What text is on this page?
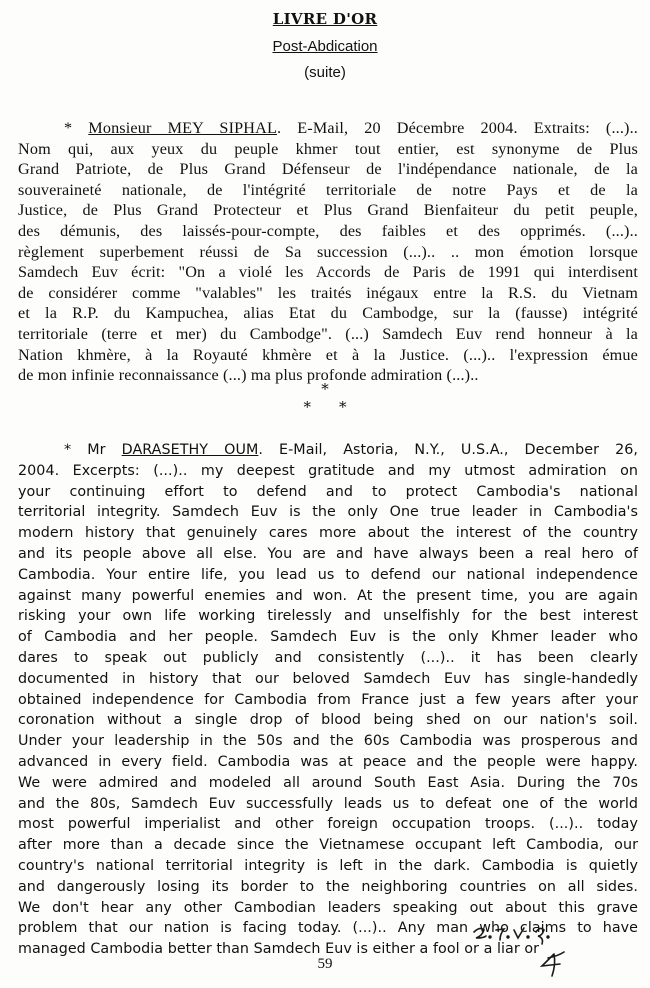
LIVRE D'OR
Post-Abdication
(suite)
* Monsieur MEY SIPHAL. E-Mail, 20 Décembre 2004. Extraits: (...)..
Nom qui, aux yeux du peuple khmer tout entier, est synonyme de Plus
Grand Patriote, de Plus Grand Défenseur de l'indépendance nationale, de la
souveraineté nationale, de l'intégrité territoriale de notre Pays et de la
Justice, de Plus Grand Protecteur et Plus Grand Bienfaiteur du petit peuple,
des démunis, des laissés-pour-compte, des faibles et des opprimés. (...)..
règlement superbement réussi de Sa succession (...).. .. mon émotion lorsque
Samdech Euv écrit: "On a violé les Accords de Paris de 1991 qui interdisent
de considérer comme "valables" les traités inégaux entre la R.S. du Vietnam
et la R.P. du Kampuchea, alias Etat du Cambodge, sur la (fausse) intégrité
territoriale (terre et mer) du Cambodge". (...) Samdech Euv rend honneur à la
Nation khmère, à la Royauté khmère et à la Justice. (...).. l'expression émue
de mon infinie reconnaissance (...) ma plus profonde admiration (...)..
*
* *
* Mr DARASETHY OUM. E-Mail, Astoria, N.Y., U.S.A., December 26,
2004. Excerpts: (...).. my deepest gratitude and my utmost admiration on
your continuing effort to defend and to protect Cambodia's national
territorial integrity. Samdech Euv is the only One true leader in Cambodia's
modern history that genuinely cares more about the interest of the country
and its people above all else. You are and have always been a real hero of
Cambodia. Your entire life, you lead us to defend our national independence
against many powerful enemies and won. At the present time, you are again
risking your own life working tirelessly and unselfishly for the best interest
of Cambodia and her people. Samdech Euv is the only Khmer leader who
dares to speak out publicly and consistently (...).. it has been clearly
documented in history that our beloved Samdech Euv has single-handedly
obtained independence for Cambodia from France just a few years after your
coronation without a single drop of blood being shed on our nation's soil.
Under your leadership in the 50s and the 60s Cambodia was prosperous and
advanced in every field. Cambodia was at peace and the people were happy.
We were admired and modeled all around South East Asia. During the 70s
and the 80s, Samdech Euv successfully leads us to defeat one of the world
most powerful imperialist and other foreign occupation troops. (...).. today
after more than a decade since the Vietnamese occupant left Cambodia, our
country's national territorial integrity is left in the dark. Cambodia is quietly
and dangerously losing its border to the neighboring countries on all sides.
We don't hear any other Cambodian leaders speaking out about this grave
problem that our nation is facing today. (...).. Any man who claims to have
managed Cambodia better than Samdech Euv is either a fool or a liar or
59
